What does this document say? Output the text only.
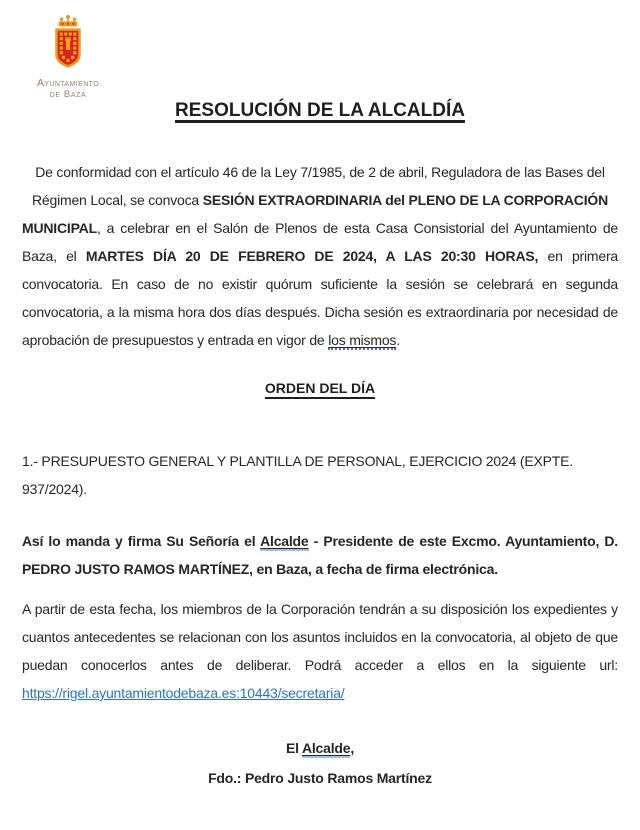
Ayuntamiento
de Baza
RESOLUCIÓN DE LA ALCALDÍA

De conformidad con el artículo 46 de la Ley 7/1985, de 2 de abril, Reguladora de las Bases del Régimen Local, se convoca SESIÓN EXTRAORDINARIA del PLENO DE LA CORPORACIÓN

MUNICIPAL, a celebrar en el Salón de Plenos de esta Casa Consistorial del Ayuntamiento de Baza, el MARTES DÍA 20 DE FEBRERO DE 2024, A LAS 20:30 HORAS, en primera convocatoria. En caso de no existir quórum suficiente la sesión se celebrará en segunda convocatoria, a la misma hora dos días después. Dicha sesión es extraordinaria por necesidad de aprobación de presupuestos y entrada en vigor de los mismos.

ORDEN DEL DÍA

1.- PRESUPUESTO GENERAL Y PLANTILLA DE PERSONAL, EJERCICIO 2024 (EXPTE. 937/2024).

Así lo manda y firma Su Señoría el Alcalde - Presidente de este Excmo. Ayuntamiento, D. PEDRO JUSTO RAMOS MARTÍNEZ, en Baza, a fecha de firma electrónica.

A partir de esta fecha, los miembros de la Corporación tendrán a su disposición los expedientes y cuantos antecedentes se relacionan con los asuntos incluidos en la convocatoria, al objeto de que puedan conocerlos antes de deliberar. Podrá acceder a ellos en la siguiente url: https://rigel.ayuntamientodebaza.es:10443/secretaria/

El Alcalde,
Fdo.: Pedro Justo Ramos Martínez
